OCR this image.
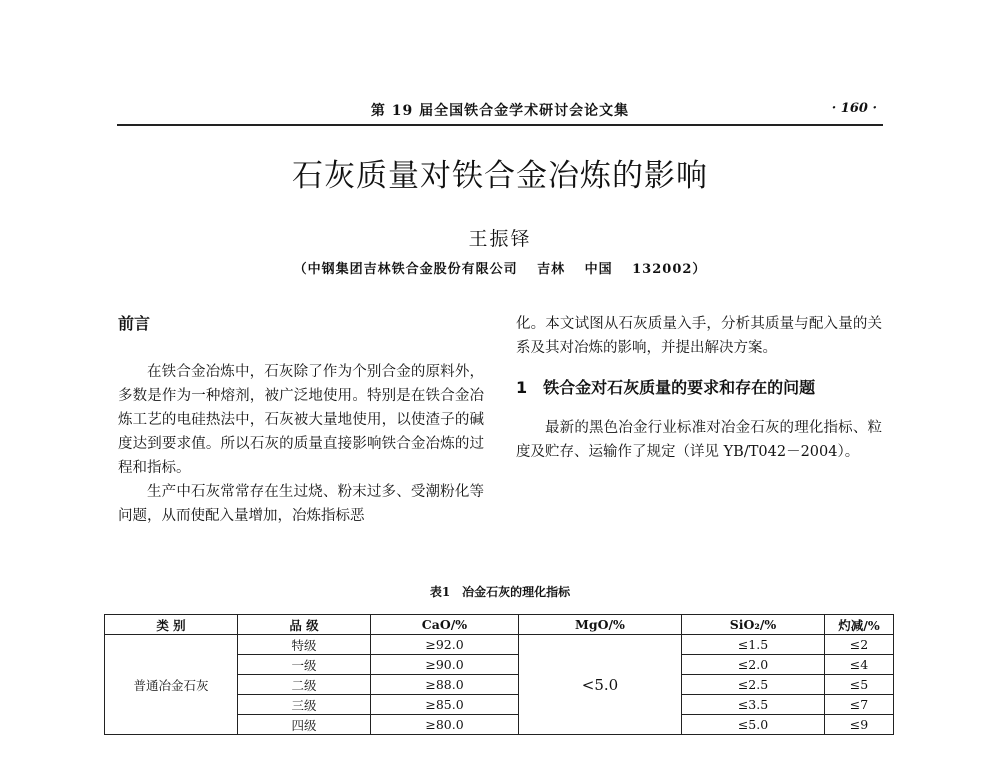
第 19 届全国铁合金学术研讨会论文集	· 160 ·
石灰质量对铁合金冶炼的影响
王振铎
（中钢集团吉林铁合金股份有限公司　 吉林　 中国　 132002）
前言

在铁合金冶炼中，石灰除了作为个别合金的原料外，多数是作为一种熔剂，被广泛地使用。特别是在铁合金冶炼工艺的电硅热法中，石灰被大量地使用，以使渣子的碱度达到要求值。所以石灰的质量直接影响铁合金冶炼的过程和指标。

生产中石灰常常存在生过烧、粉末过多、受潮粉化等问题，从而使配入量增加，冶炼指标恶

化。本文试图从石灰质量入手，分析其质量与配入量的关系及其对冶炼的影响，并提出解决方案。

1　铁合金对石灰质量的要求和存在的问题

最新的黑色冶金行业标准对冶金石灰的理化指标、粒度及贮存、运输作了规定（详见 YB/T042－2004）。

表1　冶金石灰的理化指标
类 别	品 级	CaO/%	MgO/%	SiO₂/%	灼减/%
普通冶金石灰	特级	≥92.0	<5.0	≤1.5	≤2
	一级	≥90.0		≤2.0	≤4
	二级	≥88.0		≤2.5	≤5
	三级	≥85.0		≤3.5	≤7
	四级	≥80.0		≤5.0	≤9
